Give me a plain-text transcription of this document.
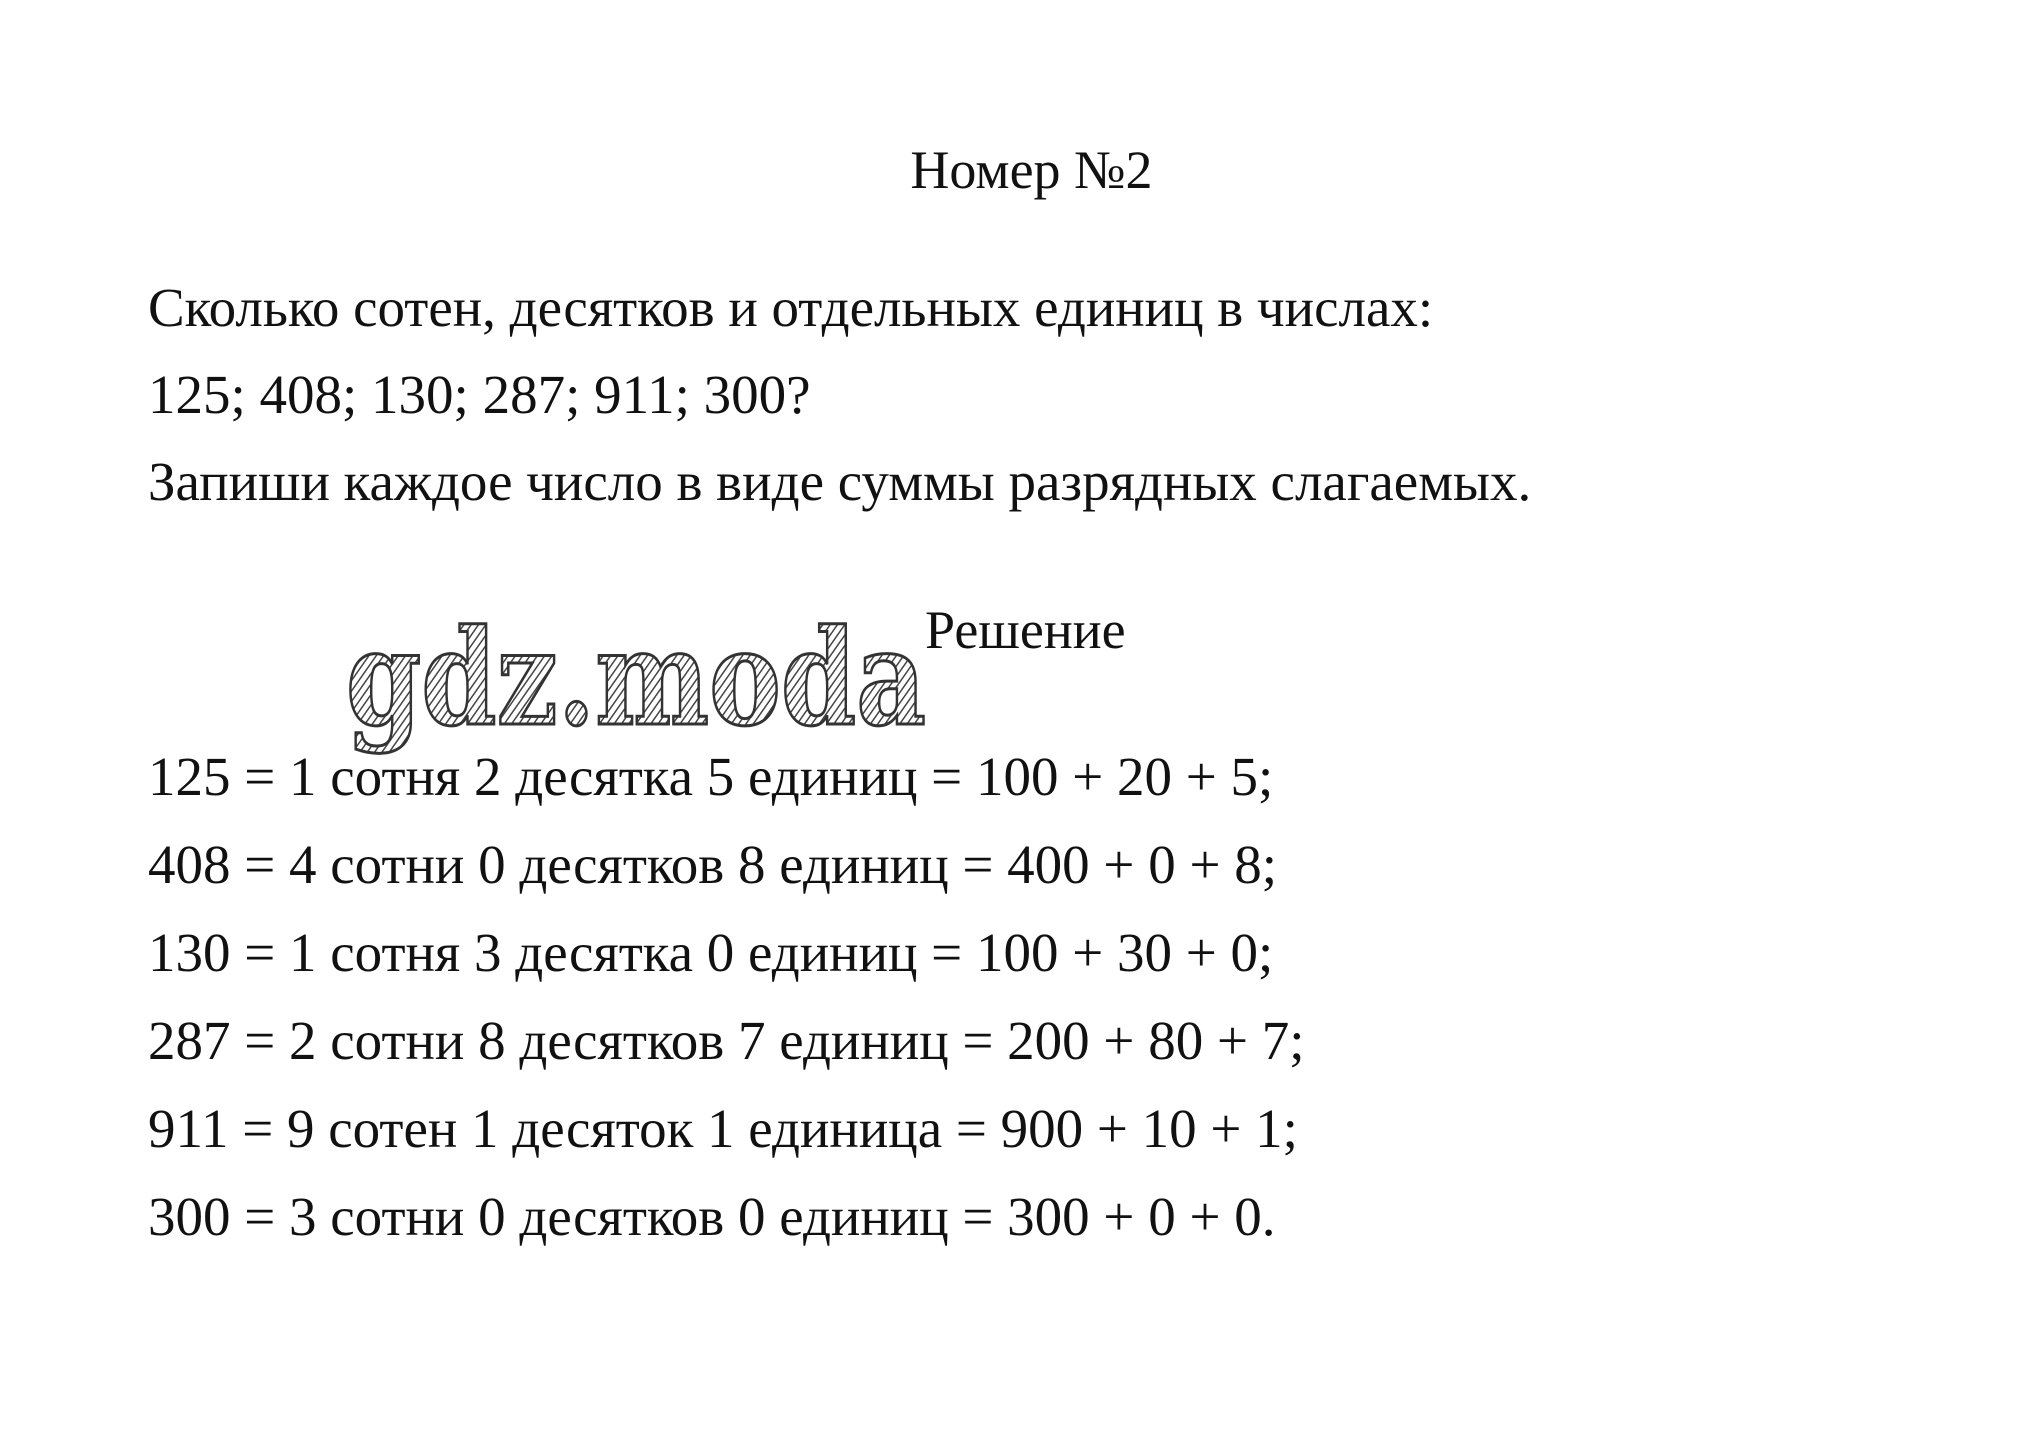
Номер №2
Сколько сотен, десятков и отдельных единиц в числах:
125; 408; 130; 287; 911; 300?
Запиши каждое число в виде суммы разрядных слагаемых.
gdz.moda Решение
125 = 1 сотня 2 десятка 5 единиц = 100 + 20 + 5;
408 = 4 сотни 0 десятков 8 единиц = 400 + 0 + 8;
130 = 1 сотня 3 десятка 0 единиц = 100 + 30 + 0;
287 = 2 сотни 8 десятков 7 единиц = 200 + 80 + 7;
911 = 9 сотен 1 десяток 1 единица = 900 + 10 + 1;
300 = 3 сотни 0 десятков 0 единиц = 300 + 0 + 0.
